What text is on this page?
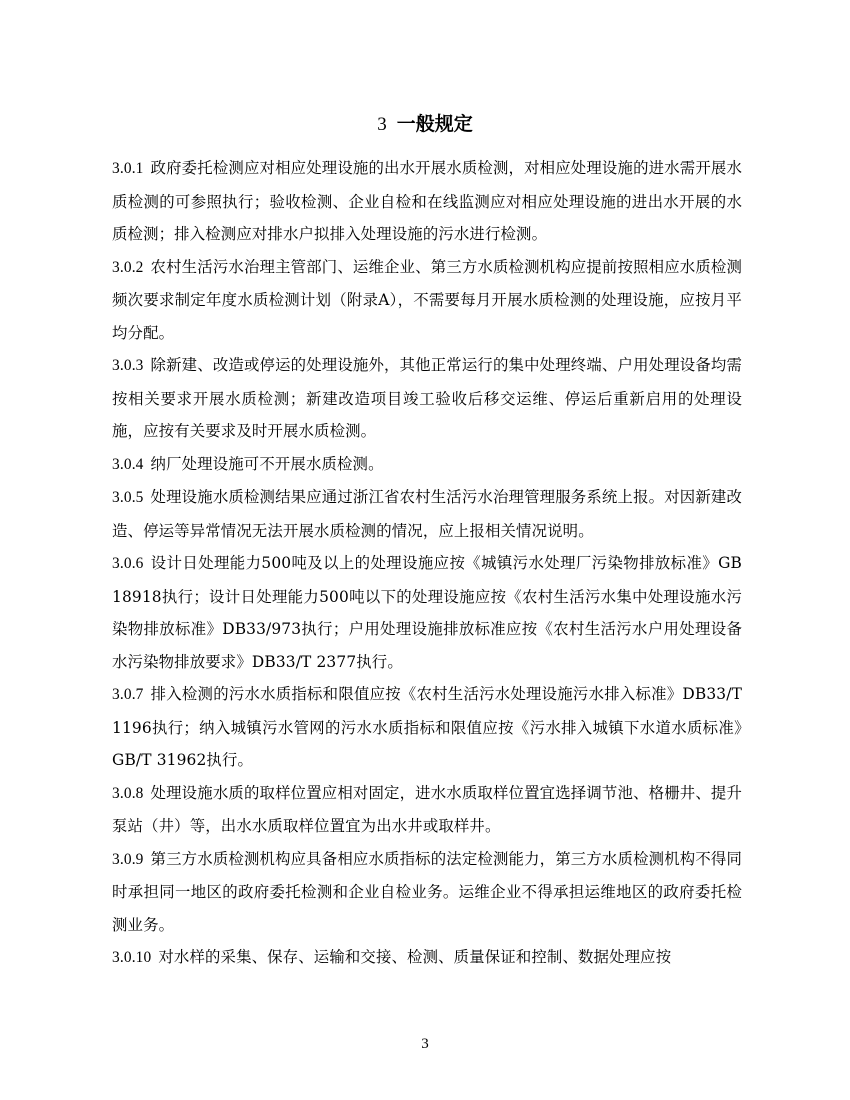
3 一般规定

3.0.1 政府委托检测应对相应处理设施的出水开展水质检测，对相应处理设施的进水需开展水质检测的可参照执行；验收检测、企业自检和在线监测应对相应处理设施的进出水开展的水质检测；排入检测应对排水户拟排入处理设施的污水进行检测。

3.0.2 农村生活污水治理主管部门、运维企业、第三方水质检测机构应提前按照相应水质检测频次要求制定年度水质检测计划（附录A），不需要每月开展水质检测的处理设施，应按月平均分配。

3.0.3 除新建、改造或停运的处理设施外，其他正常运行的集中处理终端、户用处理设备均需按相关要求开展水质检测；新建改造项目竣工验收后移交运维、停运后重新启用的处理设施，应按有关要求及时开展水质检测。

3.0.4 纳厂处理设施可不开展水质检测。

3.0.5 处理设施水质检测结果应通过浙江省农村生活污水治理管理服务系统上报。对因新建改造、停运等异常情况无法开展水质检测的情况，应上报相关情况说明。

3.0.6 设计日处理能力500吨及以上的处理设施应按《城镇污水处理厂污染物排放标准》GB 18918执行；设计日处理能力500吨以下的处理设施应按《农村生活污水集中处理设施水污染物排放标准》DB33/973执行；户用处理设施排放标准应按《农村生活污水户用处理设备水污染物排放要求》DB33/T 2377执行。

3.0.7 排入检测的污水水质指标和限值应按《农村生活污水处理设施污水排入标准》DB33/T 1196执行；纳入城镇污水管网的污水水质指标和限值应按《污水排入城镇下水道水质标准》GB/T 31962执行。

3.0.8 处理设施水质的取样位置应相对固定，进水水质取样位置宜选择调节池、格栅井、提升泵站（井）等，出水水质取样位置宜为出水井或取样井。

3.0.9 第三方水质检测机构应具备相应水质指标的法定检测能力，第三方水质检测机构不得同时承担同一地区的政府委托检测和企业自检业务。运维企业不得承担运维地区的政府委托检测业务。

3.0.10 对水样的采集、保存、运输和交接、检测、质量保证和控制、数据处理应按

3
